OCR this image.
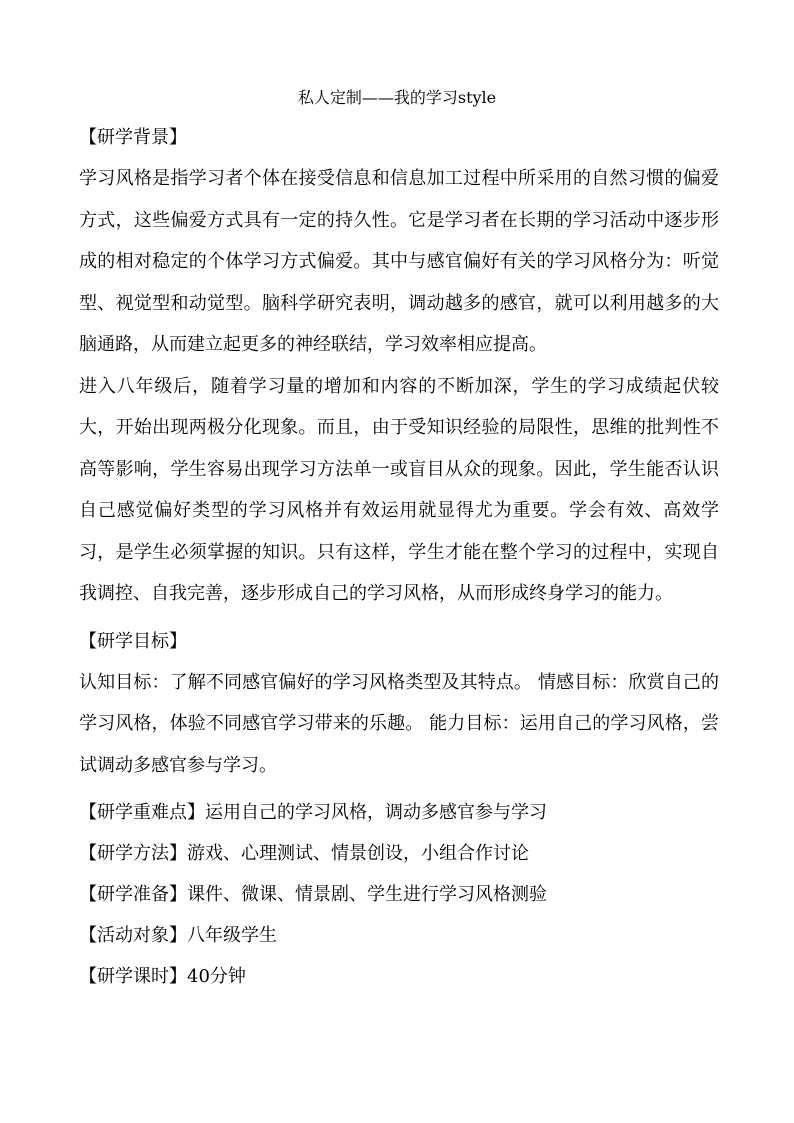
私人定制——我的学习style
【研学背景】
学习风格是指学习者个体在接受信息和信息加工过程中所采用的自然习惯的偏爱方式，这些偏爱方式具有一定的持久性。它是学习者在长期的学习活动中逐步形成的相对稳定的个体学习方式偏爱。其中与感官偏好有关的学习风格分为：听觉型、视觉型和动觉型。脑科学研究表明，调动越多的感官，就可以利用越多的大脑通路，从而建立起更多的神经联结，学习效率相应提高。
进入八年级后，随着学习量的增加和内容的不断加深，学生的学习成绩起伏较大，开始出现两极分化现象。而且，由于受知识经验的局限性，思维的批判性不高等影响，学生容易出现学习方法单一或盲目从众的现象。因此，学生能否认识自己感觉偏好类型的学习风格并有效运用就显得尤为重要。学会有效、高效学习，是学生必须掌握的知识。只有这样，学生才能在整个学习的过程中，实现自我调控、自我完善，逐步形成自己的学习风格，从而形成终身学习的能力。
【研学目标】
认知目标：了解不同感官偏好的学习风格类型及其特点。 情感目标：欣赏自己的学习风格，体验不同感官学习带来的乐趣。 能力目标：运用自己的学习风格，尝试调动多感官参与学习。
【研学重难点】运用自己的学习风格，调动多感官参与学习
【研学方法】游戏、心理测试、情景创设，小组合作讨论
【研学准备】课件、微课、情景剧、学生进行学习风格测验
【活动对象】八年级学生
【研学课时】40分钟
